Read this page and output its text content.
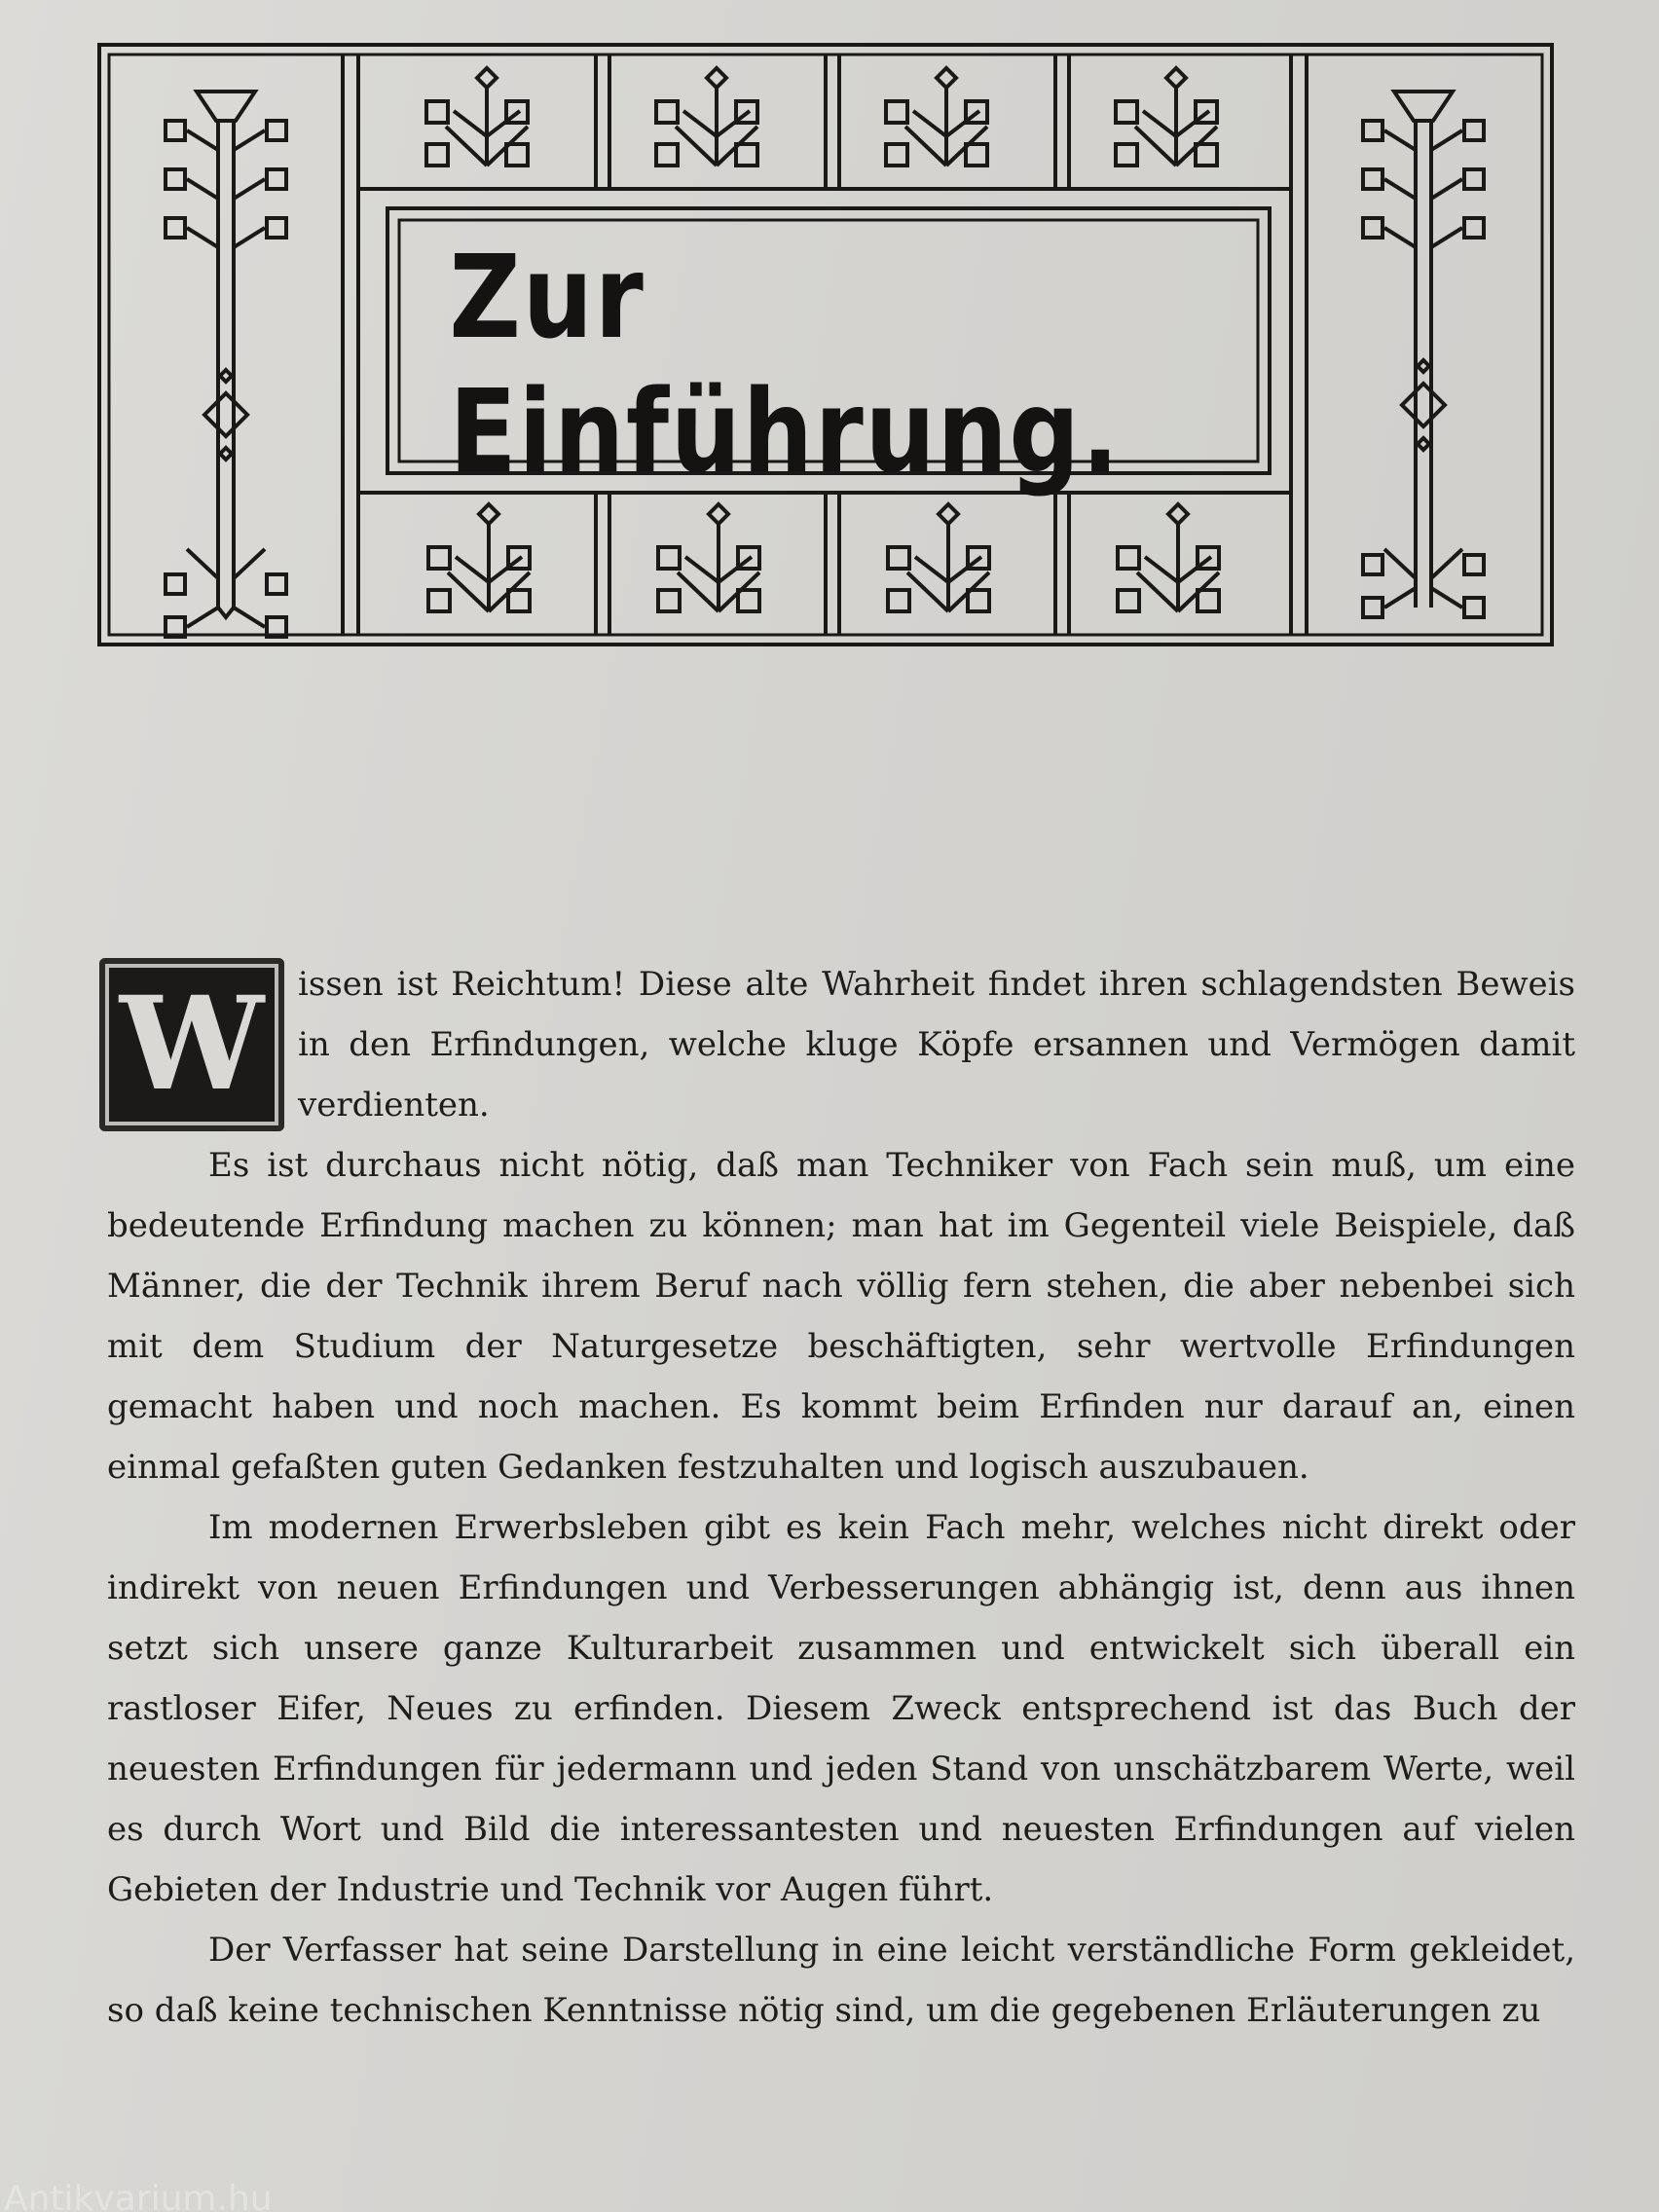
Zur Einführung.
W	issen ist Reichtum! Diese alte Wahrheit findet ihren schlagendsten Beweis in den Erfindungen, welche kluge Köpfe ersannen und Vermögen damit verdienten.

Es ist durchaus nicht nötig, daß man Techniker von Fach sein muß, um eine bedeutende Erfindung machen zu können; man hat im Gegenteil viele Beispiele, daß Männer, die der Technik ihrem Beruf nach völlig fern stehen, die aber nebenbei sich mit dem Studium der Naturgesetze beschäftigten, sehr wertvolle Erfindungen gemacht haben und noch machen. Es kommt beim Erfinden nur darauf an, einen einmal gefaßten guten Gedanken festzuhalten und logisch auszubauen.

Im modernen Erwerbsleben gibt es kein Fach mehr, welches nicht direkt oder indirekt von neuen Erfindungen und Verbesserungen abhängig ist, denn aus ihnen setzt sich unsere ganze Kulturarbeit zusammen und entwickelt sich überall ein rastloser Eifer, Neues zu erfinden. Diesem Zweck entsprechend ist das Buch der neuesten Erfindungen für jedermann und jeden Stand von unschätzbarem Werte, weil es durch Wort und Bild die interessantesten und neuesten Erfindungen auf vielen Gebieten der Industrie und Technik vor Augen führt.

Der Verfasser hat seine Darstellung in eine leicht verständliche Form gekleidet, so daß keine technischen Kenntnisse nötig sind, um die gegebenen Erläuterungen zu

Antikvarium.hu
